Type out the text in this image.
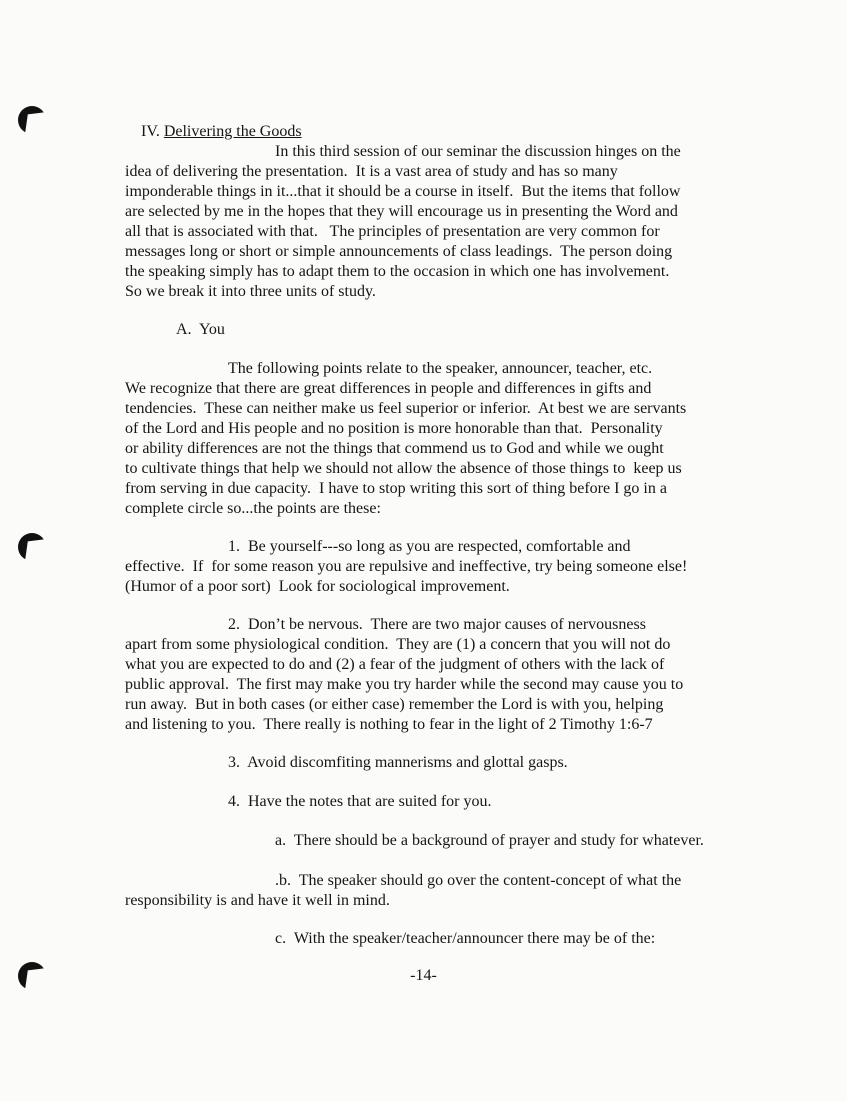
IV. Delivering the Goods

In this third session of our seminar the discussion hinges on the
idea of delivering the presentation.  It is a vast area of study and has so many
imponderable things in it...that it should be a course in itself.  But the items that follow
are selected by me in the hopes that they will encourage us in presenting the Word and
all that is associated with that.   The principles of presentation are very common for
messages long or short or simple announcements of class leadings.  The person doing
the speaking simply has to adapt them to the occasion in which one has involvement.
So we break it into three units of study.
A.  You
The following points relate to the speaker, announcer, teacher, etc.
We recognize that there are great differences in people and differences in gifts and
tendencies.  These can neither make us feel superior or inferior.  At best we are servants
of the Lord and His people and no position is more honorable than that.  Personality
or ability differences are not the things that commend us to God and while we ought
to cultivate things that help we should not allow the absence of those things to  keep us
from serving in due capacity.  I have to stop writing this sort of thing before I go in a
complete circle so...the points are these:
1.  Be yourself---so long as you are respected, comfortable and
effective.  If  for some reason you are repulsive and ineffective, try being someone else!
(Humor of a poor sort)  Look for sociological improvement.
2.  Don’t be nervous.  There are two major causes of nervousness
apart from some physiological condition.  They are (1) a concern that you will not do
what you are expected to do and (2) a fear of the judgment of others with the lack of
public approval.  The first may make you try harder while the second may cause you to
run away.  But in both cases (or either case) remember the Lord is with you, helping
and listening to you.  There really is nothing to fear in the light of 2 Timothy 1:6-7
3.  Avoid discomfiting mannerisms and glottal gasps.
4.  Have the notes that are suited for you.
a.  There should be a background of prayer and study for whatever.
.b.  The speaker should go over the content-concept of what the
responsibility is and have it well in mind.
c.  With the speaker/teacher/announcer there may be of the:
-14-
